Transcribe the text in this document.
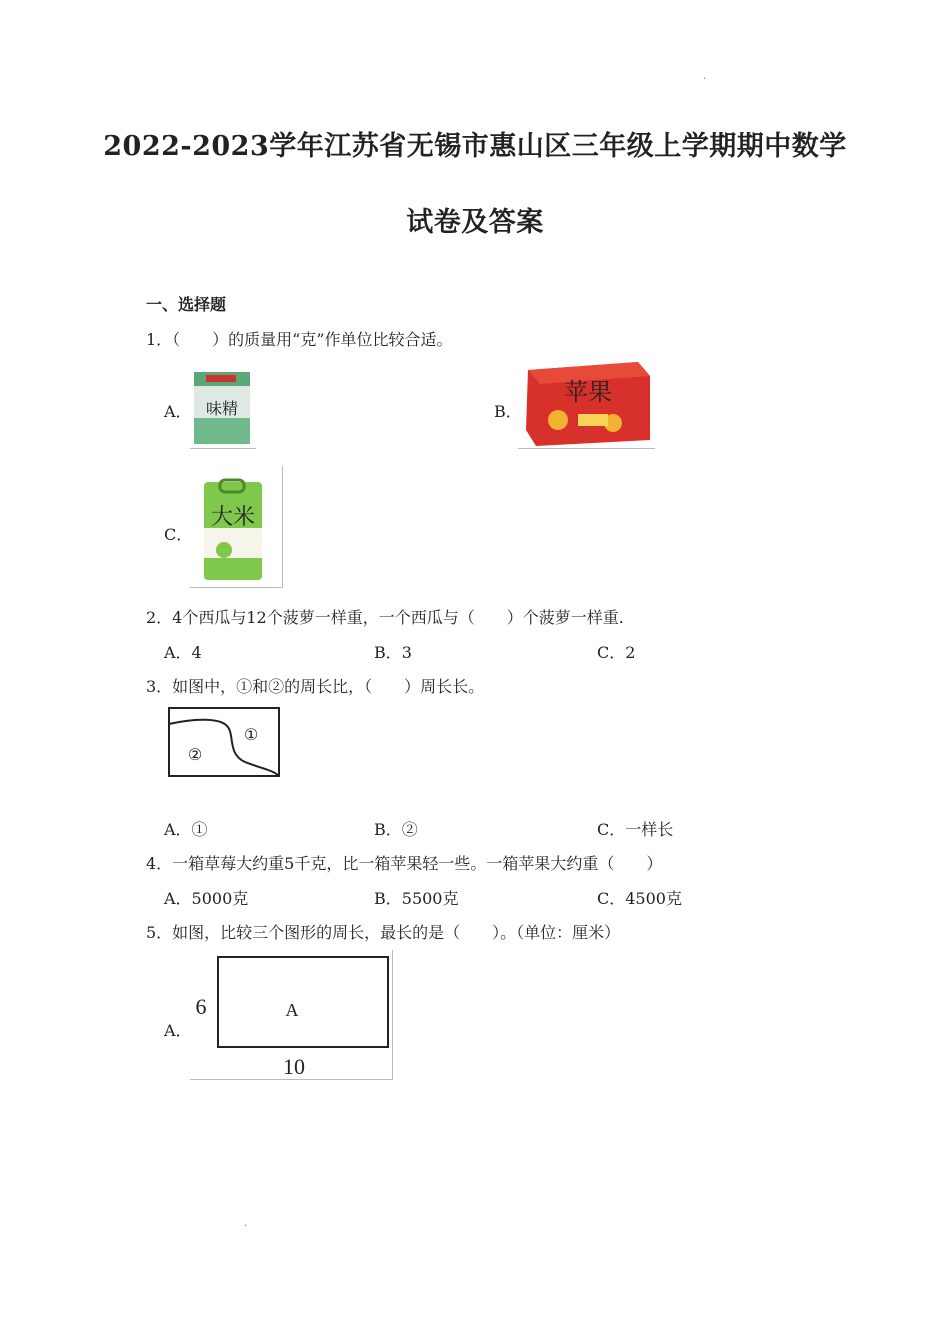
·
2022-2023学年江苏省无锡市惠山区三年级上学期期中数学
试卷及答案
一、选择题
1．（　　）的质量用“克”作单位比较合适。
A． 味精	B．
苹果
C．
大米
2．4个西瓜与12个菠萝一样重，一个西瓜与（　　）个菠萝一样重.
A．4	B．3	C．2
3．如图中，①和②的周长比，（　　）周长长。
①
②
A．①	B．②	C．一样长
4．一箱草莓大约重5千克，比一箱苹果轻一些。一箱苹果大约重（　　）
A．5000克	B．5500克	C．4500克
5．如图，比较三个图形的周长，最长的是（　　）。（单位：厘米）
A．
A
6
10
·
